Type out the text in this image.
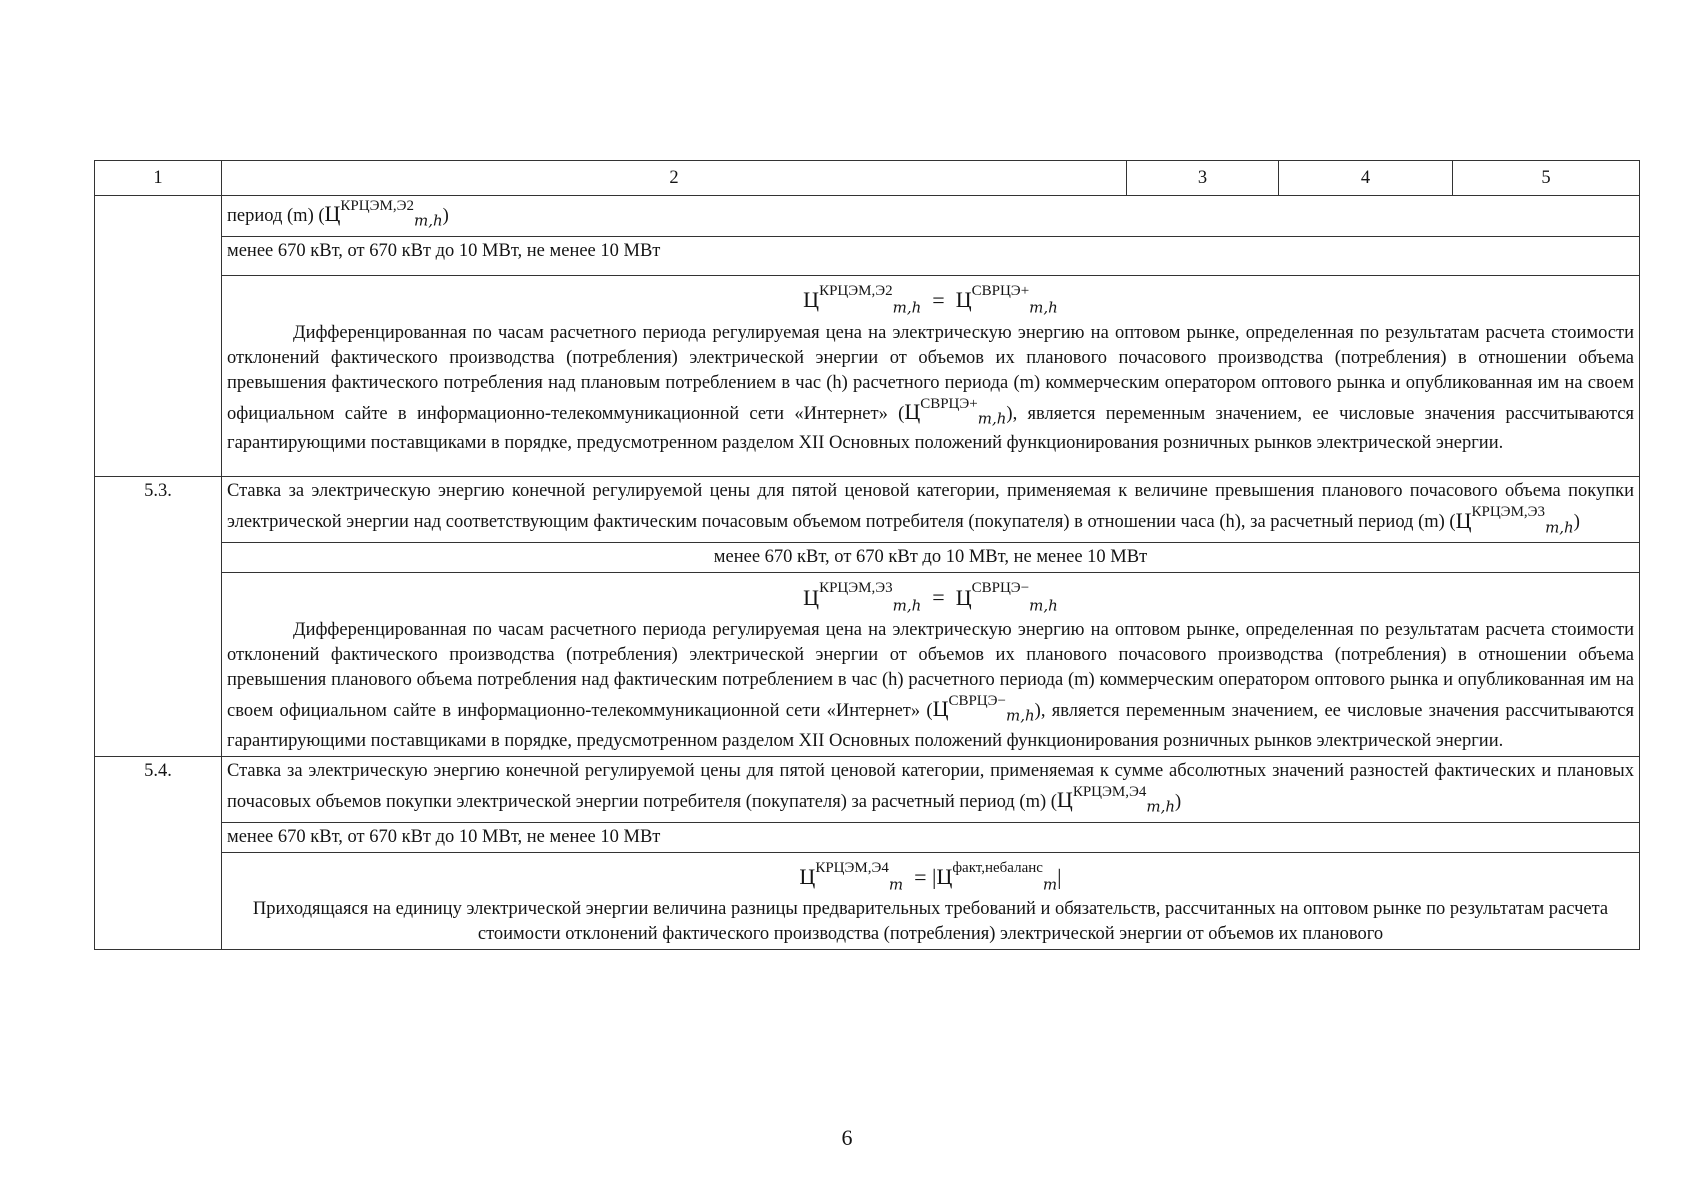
1	2	3	4	5
	период (m) $(Ц^{КРЦЭМ,Э2}_{m,h})$			
	менее 670 кВт, от 670 кВт до 10 МВт, не менее 10 МВт			

	$Ц^{КРЦЭМ,Э2}_{m,h} = Ц^{СВРЦЭ+}_{m,h}$
Дифференцированная по часам расчетного периода регулируемая цена на электрическую энергию на оптовом рынке, определенная по результатам расчета стоимости отклонений фактического производства (потребления) электрической энергии от объемов их планового почасового производства (потребления) в отношении объема превышения фактического потребления над плановым потреблением в час (h) расчетного периода (m) коммерческим оператором оптового рынка и опубликованная им на своем официальном сайте в информационно-телекоммуникационной сети «Интернет» $(Ц^{СВРЦЭ+}_{m,h})$, является переменным значением, ее числовые значения рассчитываются гарантирующими поставщиками в порядке, предусмотренном разделом XII Основных положений функционирования розничных рынков электрической энергии.			

5.3.	Ставка за электрическую энергию конечной регулируемой цены для пятой ценовой категории, применяемая к величине превышения планового почасового объема покупки электрической энергии над соответствующим фактическим почасовым объемом потребителя (покупателя) в отношении часа (h), за расчетный период (m) $(Ц^{КРЦЭМ,Э3}_{m,h})$			
	менее 670 кВт, от 670 кВт до 10 МВт, не менее 10 МВт			

	$Ц^{КРЦЭМ,Э3}_{m,h} = Ц^{СВРЦЭ-}_{m,h}$
Дифференцированная по часам расчетного периода регулируемая цена на электрическую энергию на оптовом рынке, определенная по результатам расчета стоимости отклонений фактического производства (потребления) электрической энергии от объемов их планового почасового производства (потребления) в отношении объема превышения планового объема потребления над фактическим потреблением в час (h) расчетного периода (m) коммерческим оператором оптового рынка и опубликованная им на своем официальном сайте в информационно-телекоммуникационной сети «Интернет» $(Ц^{СВРЦЭ-}_{m,h})$, является переменным значением, ее числовые значения рассчитываются гарантирующими поставщиками в порядке, предусмотренном разделом XII Основных положений функционирования розничных рынков электрической энергии.			

5.4.	Ставка за электрическую энергию конечной регулируемой цены для пятой ценовой категории, применяемая к сумме абсолютных значений разностей фактических и плановых почасовых объемов покупки электрической энергии потребителя (покупателя) за расчетный период (m) $(Ц^{КРЦЭМ,Э4}_{m,h})$			
	менее 670 кВт, от 670 кВт до 10 МВт, не менее 10 МВт			

	$Ц^{КРЦЭМ,Э4}_m = |Ц^{факт,небаланс}_m|$
Приходящаяся на единицу электрической энергии величина разницы предварительных требований и обязательств, рассчитанных на оптовом рынке по результатам расчета стоимости отклонений фактического производства (потребления) электрической энергии от объемов их планового			
6
